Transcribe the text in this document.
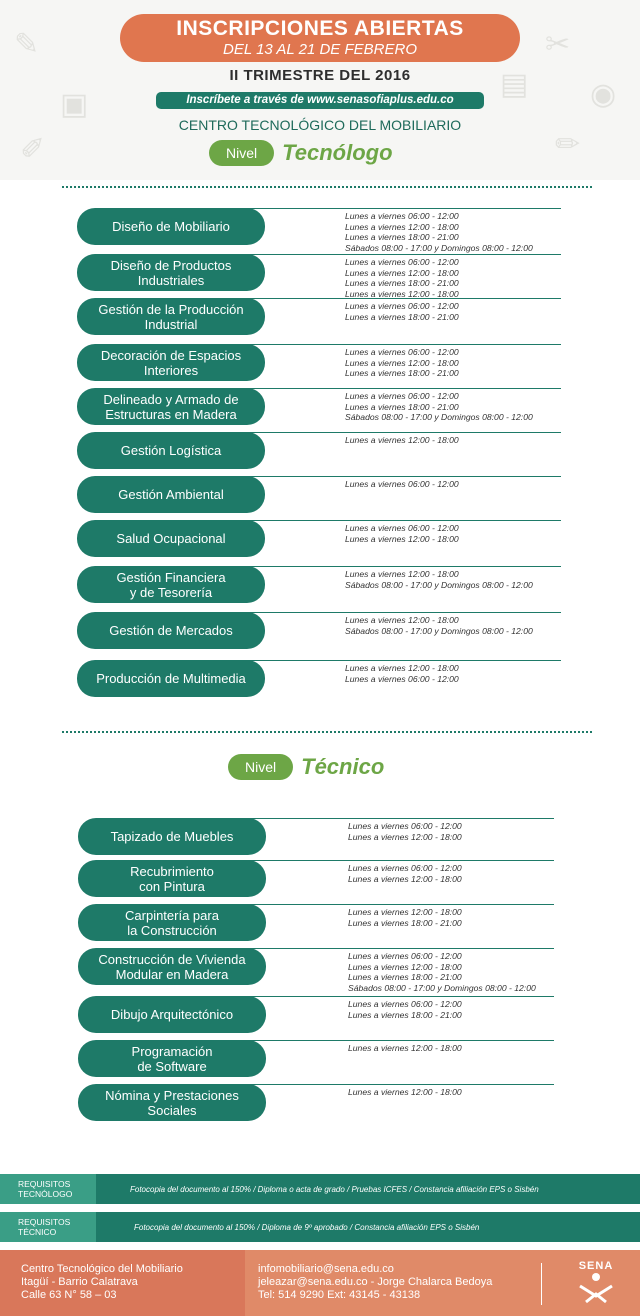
✎
▣
✐
✂
◉
✏
▤
INSCRIPCIONES ABIERTAS
DEL 13 AL 21 DE FEBRERO
II TRIMESTRE DEL 2016
Inscríbete a través de www.senasofiaplus.edu.co
CENTRO TECNOLÓGICO DEL MOBILIARIO
Nivel	Tecnólogo
Diseño de Mobiliario
Lunes a viernes 06:00 - 12:00
Lunes a viernes 12:00 - 18:00
Lunes a viernes 18:00 - 21:00
Sábados 08:00 - 17:00 y Domingos 08:00 - 12:00
Diseño de Productos
Industriales
Lunes a viernes 06:00 - 12:00
Lunes a viernes 12:00 - 18:00
Lunes a viernes 18:00 - 21:00
Lunes a viernes 12:00 - 18:00
Gestión de la Producción
Industrial
Lunes a viernes 06:00 - 12:00
Lunes a viernes 18:00 - 21:00
Decoración de Espacios
Interiores
Lunes a viernes 06:00 - 12:00
Lunes a viernes 12:00 - 18:00
Lunes a viernes 18:00 - 21:00
Delineado y Armado de
Estructuras en Madera
Lunes a viernes 06:00 - 12:00
Lunes a viernes 18:00 - 21:00
Sábados 08:00 - 17:00 y Domingos 08:00 - 12:00
Gestión Logística
Lunes a viernes 12:00 - 18:00
Gestión Ambiental
Lunes a viernes 06:00 - 12:00
Salud Ocupacional
Lunes a viernes 06:00 - 12:00
Lunes a viernes 12:00 - 18:00
Gestión Financiera
y de Tesorería
Lunes a viernes 12:00 - 18:00
Sábados 08:00 - 17:00 y Domingos 08:00 - 12:00
Gestión de Mercados
Lunes a viernes 12:00 - 18:00
Sábados 08:00 - 17:00 y Domingos 08:00 - 12:00
Producción de Multimedia
Lunes a viernes 12:00 - 18:00
Lunes a viernes 06:00 - 12:00
Nivel	Técnico
Tapizado de Muebles
Lunes a viernes 06:00 - 12:00
Lunes a viernes 12:00 - 18:00
Recubrimiento
con Pintura
Lunes a viernes 06:00 - 12:00
Lunes a viernes 12:00 - 18:00
Carpintería para
la Construcción
Lunes a viernes 12:00 - 18:00
Lunes a viernes 18:00 - 21:00
Construcción de Vivienda
Modular en Madera
Lunes a viernes 06:00 - 12:00
Lunes a viernes 12:00 - 18:00
Lunes a viernes 18:00 - 21:00
Sábados 08:00 - 17:00 y Domingos 08:00 - 12:00
Dibujo Arquitectónico
Lunes a viernes 06:00 - 12:00
Lunes a viernes 18:00 - 21:00
Programación
de Software
Lunes a viernes 12:00 - 18:00
Nómina y Prestaciones
Sociales
Lunes a viernes 12:00 - 18:00
REQUISITOS
TECNÓLOGO	Fotocopia del documento al 150% / Diploma o acta de grado / Pruebas ICFES / Constancia afiliación EPS o Sisbén
REQUISITOS
TÉCNICO	Fotocopia del documento al 150% / Diploma de 9º aprobado / Constancia afiliación EPS o Sisbén
Centro Tecnológico del Mobiliario
Itagüí - Barrio Calatrava
Calle 63 N° 58 – 03
infomobiliario@sena.edu.co
jeleazar@sena.edu.co - Jorge Chalarca Bedoya
Tel: 514 9290 Ext: 43145 - 43138
SENA
